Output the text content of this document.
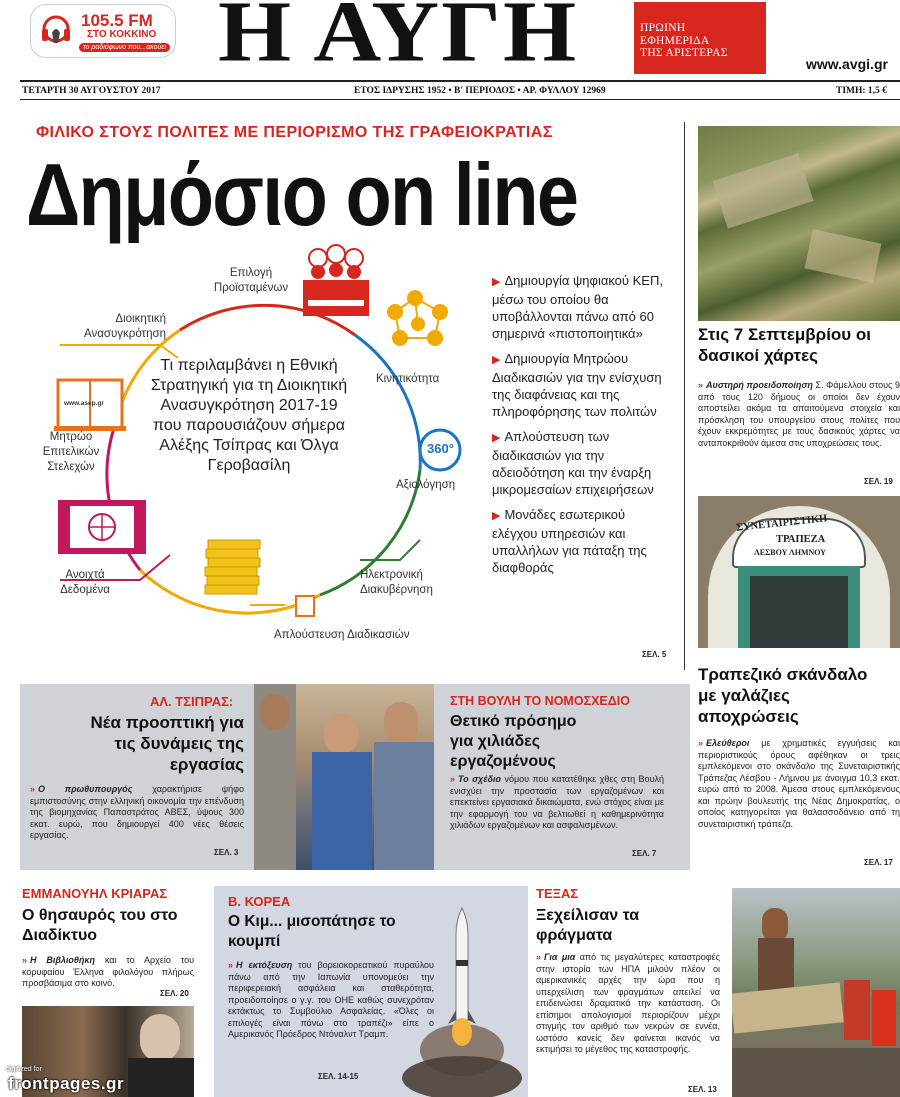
105.5 FM
ΣΤΟ ΚΟΚΚΙΝΟ
το ραδιόφωνο που...ακούει Η ΑΥΓΗ	ΠΡΩΙΝΗ
ΕΦΗΜΕΡΙΔΑ
ΤΗΣ ΑΡΙΣΤΕΡΑΣ
www.avgi.gr
ΤΕΤΑΡΤΗ 30 ΑΥΓΟΥΣΤΟΥ 2017	ΕΤΟΣ ΙΔΡΥΣΗΣ 1952 • Β' ΠΕΡΙΟΔΟΣ • ΑΡ. ΦΥΛΛΟΥ 12969	ΤΙΜΗ: 1,5 €
ΦΙΛΙΚΟ ΣΤΟΥΣ ΠΟΛΙΤΕΣ ΜΕ ΠΕΡΙΟΡΙΣΜΟ ΤΗΣ ΓΡΑΦΕΙΟΚΡΑΤΙΑΣ
Δημόσιο on line
Τι περιλαμβάνει η Εθνική Στρατηγική για τη Διοικητική Ανασυγκρότηση 2017-19 που παρουσιάζουν σήμερα Αλέξης Τσίπρας και Όλγα Γεροβασίλη
Επιλογή Προϊσταμένων
Διοικητική Ανασυγκρότηση
Κινητικότητα
Μητρώο Επιτελικών Στελεχών
www.asep.gr
360°
Αξιολόγηση
Ανοιχτά Δεδομένα
Ηλεκτρονική Διακυβέρνηση
Απλούστευση Διαδικασιών
▶ Δημιουργία ψηφιακού ΚΕΠ, μέσω του οποίου θα υποβάλλονται πάνω από 60 σημερινά «πιστοποιητικά»
▶ Δημιουργία Μητρώου Διαδικασιών για την ενίσχυση της διαφάνειας και της πληροφόρησης των πολιτών
▶ Απλούστευση των διαδικασιών για την αδειοδότηση και την έναρξη μικρομεσαίων επιχειρήσεων
▶ Μονάδες εσωτερικού ελέγχου υπηρεσιών και υπαλλήλων για πάταξη της διαφθοράς
ΣΕΛ. 5
Στις 7 Σεπτεμβρίου οι δασικοί χάρτες
» Αυστηρή προειδοποίηση Σ. Φάμελλου στους 9 από τους 120 δήμους οι οποίοι δεν έχουν αποστείλει ακόμα τα απαιτούμενα στοιχεία και πρόσκληση του υπουργείου στους πολίτες που έχουν εκκρεμότητες με τους δασικούς χάρτες να ανταποκριθούν άμεσα στις υποχρεώσεις τους.
ΣΕΛ. 19
ΣΥΝΕΤΑΙΡΙΣΤΙΚΗ
ΤΡΑΠΕΖΑ
ΛΕΣΒΟΥ ΛΗΜΝΟΥ
Τραπεζικό σκάνδαλο με γαλάζιες αποχρώσεις
» Ελεύθεροι με χρηματικές εγγυήσεις και περιοριστικούς όρους αφέθηκαν οι τρεις εμπλεκόμενοι στο σκάνδαλο της Συνεταιριστικής Τράπεζας Λέσβου - Λήμνου με άνοιγμα 10,3 εκατ. ευρώ από το 2008. Άμεσα στους εμπλεκόμενους και πρώην βουλευτής της Νέας Δημοκρατίας, ο οποίος κατηγορείται για θαλασσοδάνειο από τη συνεταιριστική τράπεζα.
ΣΕΛ. 17
ΑΛ. ΤΣΙΠΡΑΣ:
Νέα προοπτική για τις δυνάμεις της εργασίας
» Ο πρωθυπουργός χαρακτήρισε ψήφο εμπιστοσύνης στην ελληνική οικονομία την επένδυση της βιομηχανίας Παπαστράτος ΑΒΕΣ, ύψους 300 εκατ. ευρώ, που δημιουργεί 400 νέες θέσεις εργασίας.
ΣΕΛ. 3
ΣΤΗ ΒΟΥΛΗ ΤΟ ΝΟΜΟΣΧΕΔΙΟ
Θετικό πρόσημο για χιλιάδες εργαζομένους
» Το σχέδιο νόμου που κατατέθηκε χθες στη Βουλή ενισχύει την προστασία των εργαζομένων και επεκτείνει εργασιακά δικαιώματα, ενώ στόχος είναι με την εφαρμογή του να βελτιωθεί η καθημερινότητα χιλιάδων εργαζομένων και ασφαλισμένων.
ΣΕΛ. 7
ΕΜΜΑΝΟΥΗΛ ΚΡΙΑΡΑΣ
Ο θησαυρός του στο Διαδίκτυο
» Η Βιβλιοθήκη και το Αρχείο του κορυφαίου Έλληνα φιλολόγου πλήρως προσβάσιμα στο κοινό.
ΣΕΛ. 20
Β. ΚΟΡΕΑ
Ο Κιμ... μισοπάτησε το κουμπί
» Η εκτόξευση του βορειοκορεατικού πυραύλου πάνω από την Ιαπωνία υπονομεύει την περιφερειακή ασφάλεια και σταθερότητα, προειδοποίησε ο γ.γ. του ΟΗΕ καθώς συνεχρόταν εκτάκτως το Συμβούλιο Ασφαλείας. «Όλες οι επιλογές είναι πάνω στο τραπέζι» είπε ο Αμερικανός Πρόεδρος Ντόναλντ Τραμπ.
ΣΕΛ. 14-15
ΤΕΞΑΣ
Ξεχείλισαν τα φράγματα
» Για μια από τις μεγαλύτερες καταστροφές στην ιστορία των ΗΠΑ μιλούν πλέον οι αμερικανικές αρχές την ώρα που η υπερχείλιση των φραγμάτων απειλεί να επιδεινώσει δραματικά την κατάσταση. Οι επίσημοι απολογισμοί περιορίζουν μέχρι στιγμής τον αριθμό των νεκρών σε εννέα, ωστόσο κανείς δεν φαίνεται ικανός να εκτιμήσει το μέγεθος της καταστροφής.
ΣΕΛ. 13
digitized for
frontpages.gr
